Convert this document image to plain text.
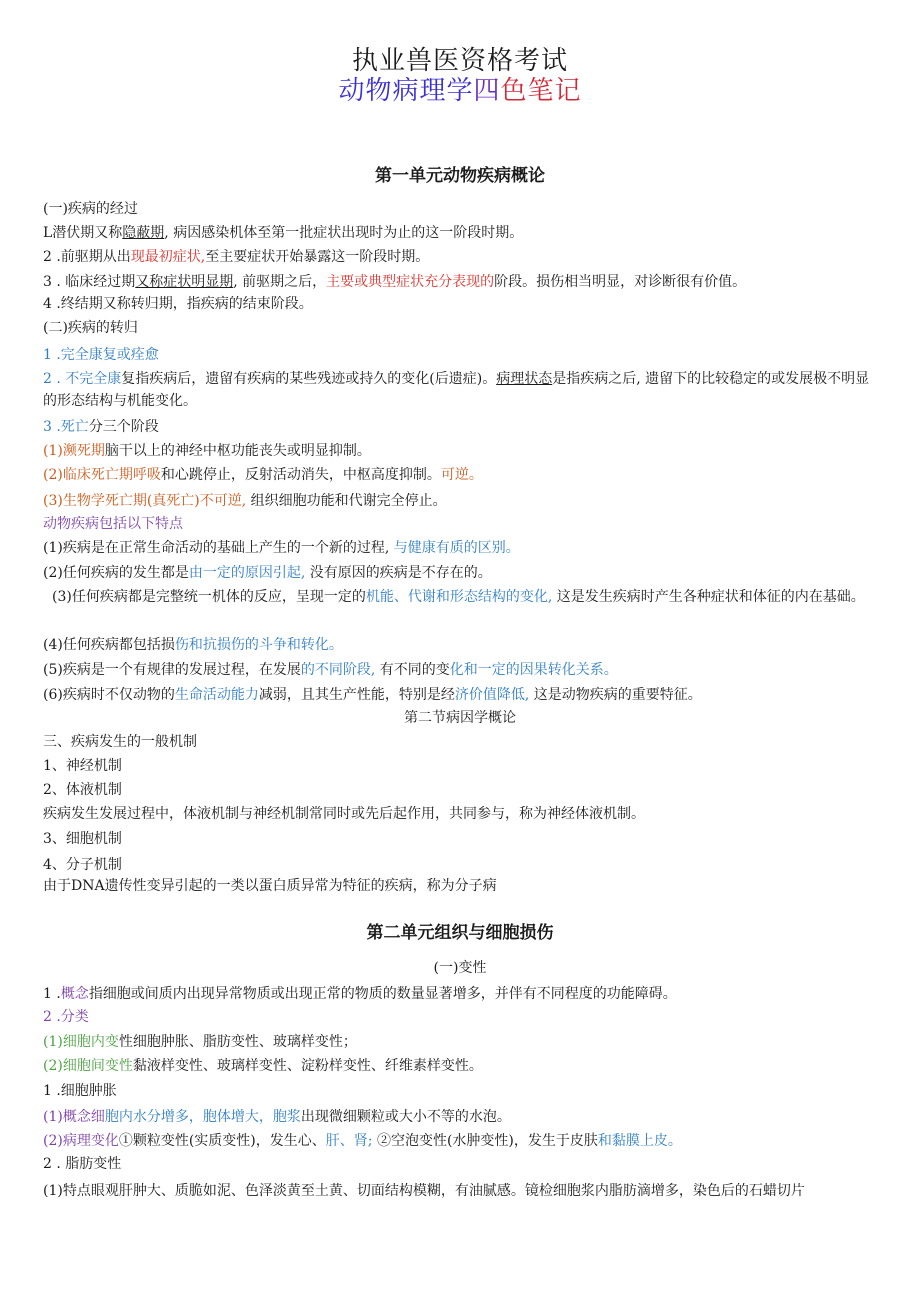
执业兽医资格考试
动物病理学四色笔记
第一单元动物疾病概论
(一)疾病的经过
L潜伏期又称隐蔽期, 病因感染机体至第一批症状出现时为止的这一阶段时期。
2 .前驱期从出现最初症状,至主要症状开始暴露这一阶段时期。
3 . 临床经过期又称症状明显期, 前驱期之后，主要或典型症状充分表现的阶段。损伤相当明显，对诊断很有价值。
4 .终结期又称转归期，指疾病的结束阶段。
(二)疾病的转归
1 .完全康复或痊愈
2 . 不完全康复指疾病后，遗留有疾病的某些残迹或持久的变化(后遗症)。病理状态是指疾病之后, 遗留下的比较稳定的或发展极不明显的形态结构与机能变化。
3 .死亡分三个阶段
(1)濒死期脑干以上的神经中枢功能丧失或明显抑制。
(2)临床死亡期呼吸和心跳停止，反射活动消失，中枢高度抑制。可逆。
(3)生物学死亡期(真死亡)不可逆, 组织细胞功能和代谢完全停止。
动物疾病包括以下特点
(1)疾病是在正常生命活动的基础上产生的一个新的过程, 与健康有质的区别。
(2)任何疾病的发生都是由一定的原因引起, 没有原因的疾病是不存在的。
(3)任何疾病都是完整统一机体的反应，呈现一定的机能、代谢和形态结构的变化, 这是发生疾病时产生各种症状和体征的内在基础。
(4)任何疾病都包括损伤和抗损伤的斗争和转化。
(5)疾病是一个有规律的发展过程，在发展的不同阶段, 有不同的变化和一定的因果转化关系。
(6)疾病时不仅动物的生命活动能力减弱，且其生产性能，特别是经济价值降低, 这是动物疾病的重要特征。
第二节病因学概论
三、疾病发生的一般机制
1、神经机制
2、体液机制
疾病发生发展过程中，体液机制与神经机制常同时或先后起作用，共同参与，称为神经体液机制。
3、细胞机制
4、分子机制
由于DNA遗传性变异引起的一类以蛋白质异常为特征的疾病，称为分子病
第二单元组织与细胞损伤
(一)变性
1 .概念指细胞或间质内出现异常物质或出现正常的物质的数量显著增多，并伴有不同程度的功能障碍。
2 .分类
(1)细胞内变性细胞肿胀、脂肪变性、玻璃样变性；
(2)细胞间变性黏液样变性、玻璃样变性、淀粉样变性、纤维素样变性。
1 .细胞肿胀
(1)概念细胞内水分增多，胞体增大，胞浆出现微细颗粒或大小不等的水泡。
(2)病理变化①颗粒变性(实质变性)，发生心、肝、肾; ②空泡变性(水肿变性)，发生于皮肤和黏膜上皮。
2 . 脂肪变性
(1)特点眼观肝肿大、质脆如泥、色泽淡黄至土黄、切面结构模糊，有油腻感。镜检细胞浆内脂肪滴增多，染色后的石蜡切片
